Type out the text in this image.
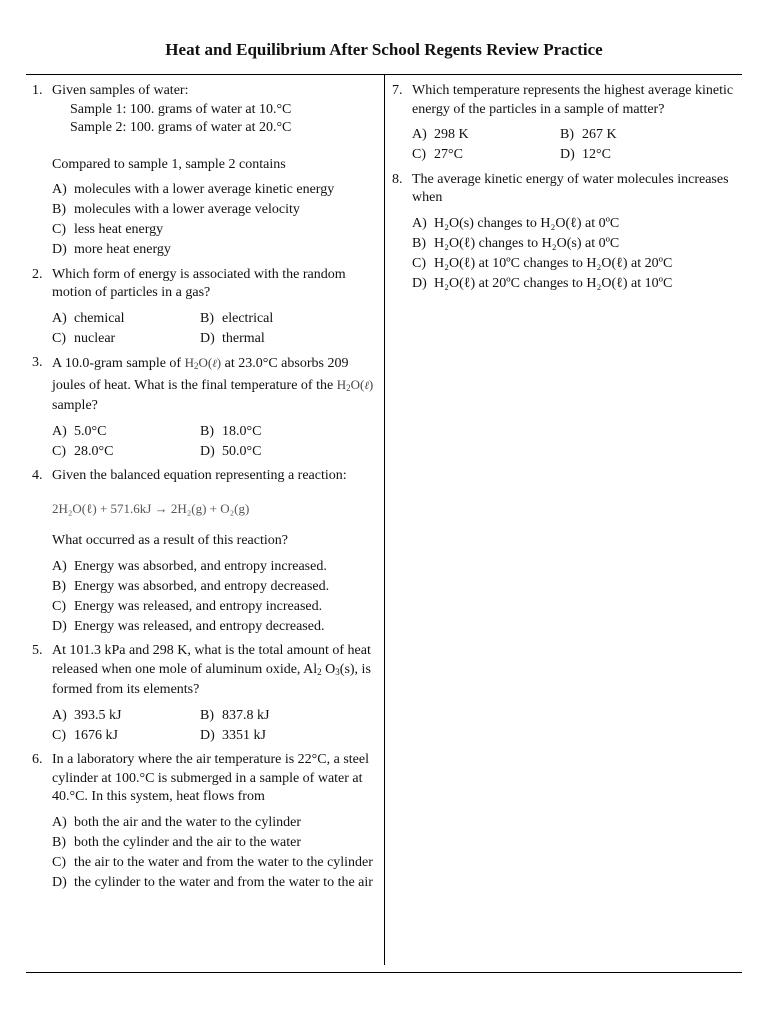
Heat and Equilibrium After School Regents Review Practice
1. Given samples of water:
Sample 1: 100. grams of water at 10.°C
Sample 2: 100. grams of water at 20.°C
Compared to sample 1, sample 2 contains
A) molecules with a lower average kinetic energy
B) molecules with a lower average velocity
C) less heat energy
D) more heat energy
2. Which form of energy is associated with the random motion of particles in a gas?
A) chemical	B) electrical
C) nuclear	D) thermal
3. A 10.0-gram sample of H2O(ℓ) at 23.0°C absorbs 209 joules of heat. What is the final temperature of the H2O(ℓ) sample?
A) 5.0°C	B) 18.0°C
C) 28.0°C	D) 50.0°C
4. Given the balanced equation representing a reaction:
2H₂O(ℓ) + 571.6kJ → 2H₂(g) + O₂(g)
What occurred as a result of this reaction?
A) Energy was absorbed, and entropy increased.
B) Energy was absorbed, and entropy decreased.
C) Energy was released, and entropy increased.
D) Energy was released, and entropy decreased.
5. At 101.3 kPa and 298 K, what is the total amount of heat released when one mole of aluminum oxide, Al2 O3(s), is formed from its elements?
A) 393.5 kJ	B) 837.8 kJ
C) 1676 kJ	D) 3351 kJ
6. In a laboratory where the air temperature is 22°C, a steel cylinder at 100.°C is submerged in a sample of water at 40.°C. In this system, heat flows from
A) both the air and the water to the cylinder
B) both the cylinder and the air to the water
C) the air to the water and from the water to the cylinder
D) the cylinder to the water and from the water to the air
7. Which temperature represents the highest average kinetic energy of the particles in a sample of matter?
A) 298 K	B) 267 K
C) 27°C	D) 12°C
8. The average kinetic energy of water molecules increases when
A) H₂O(s) changes to H₂O(ℓ) at 0ºC
B) H₂O(ℓ) changes to H₂O(s) at 0ºC
C) H₂O(ℓ) at 10ºC changes to H₂O(ℓ) at 20ºC
D) H₂O(ℓ) at 20ºC changes to H₂O(ℓ) at 10ºC
